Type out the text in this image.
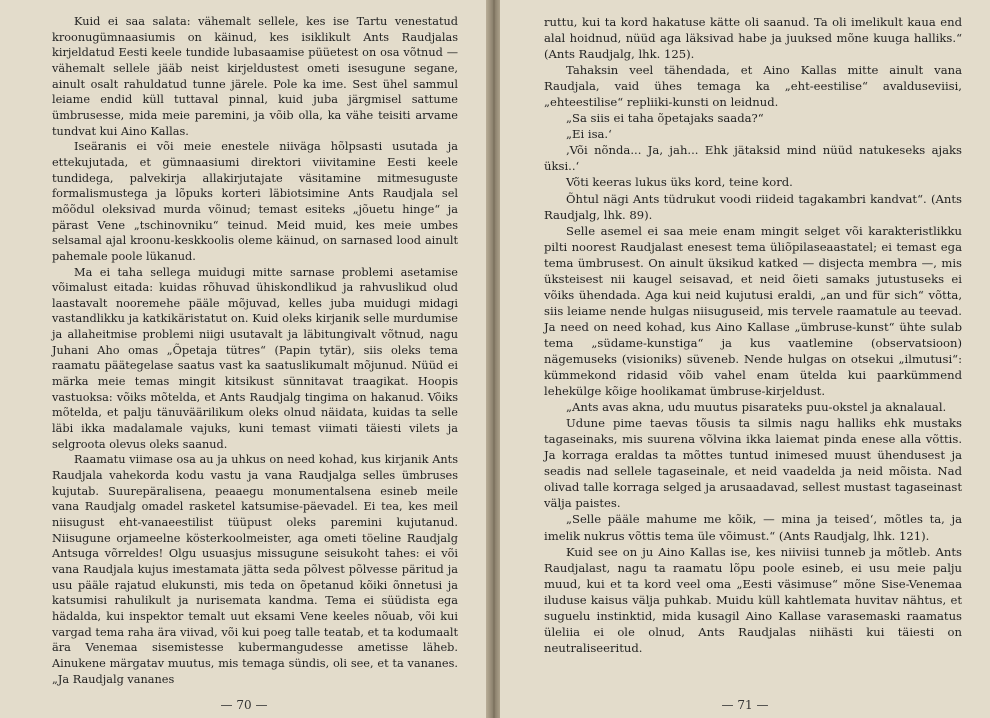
Kuid ei saa salata: vähemalt sellele, kes ise Tartu venestatud kroonugümnaasiumis on käinud, kes isiklikult Ants Raudjalas kirjeldatud Eesti keele tundide lubasaamise püüetest on osa võtnud — vähemalt sellele jääb neist kirjeldustest ometi isesugune segane, ainult osalt rahuldatud tunne järele. Pole ka ime. Sest ühel sammul leiame endid küll tuttaval pinnal, kuid juba järgmisel sattume ümbrusesse, mida meie paremini, ja võib olla, ka vähe teisiti arvame tundvat kui Aino Kallas.

Iseäranis ei või meie enestele niiväga hõlpsasti usutada ja ettekujutada, et gümnaasiumi direktori viivitamine Eesti keele tundidega, palvekirja allakirjutajate väsitamine mitmesuguste formalismustega ja lõpuks korteri läbiotsimine Ants Raudjala sel mõõdul oleksivad murda võinud; temast esiteks „jõuetu hinge“ ja pärast Vene „tschinovniku“ teinud. Meid muid, kes meie umbes selsamal ajal kroonu-keskkoolis oleme käinud, on sarnased lood ainult pahemale poole lükanud.

Ma ei taha sellega muidugi mitte sarnase problemi asetamise võimalust eitada: kuidas rõhuvad ühiskondlikud ja rahvuslikud olud laastavalt nooremehe pääle mõjuvad, kelles juba muidugi midagi vastandlikku ja katkikäristatut on. Kuid oleks kirjanik selle murdumise ja allaheitmise problemi niigi usutavalt ja läbitungivalt võtnud, nagu Juhani Aho omas „Õpetaja tütres“ (Papin tytär), siis oleks tema raamatu päätegelase saatus vast ka saatuslikumalt mõjunud. Nüüd ei märka meie temas mingit kitsikust sünnitavat traagikat. Hoopis vastuoksa: võiks mõtelda, et Ants Raudjalg tingima on hakanud. Võiks mõtelda, et palju tänuväärilikum oleks olnud näidata, kuidas ta selle läbi ikka madalamale vajuks, kuni temast viimati täiesti vilets ja selgroota olevus oleks saanud.

Raamatu viimase osa au ja uhkus on need kohad, kus kirjanik Ants Raudjala vahekorda kodu vastu ja vana Raudjalga selles ümbruses kujutab. Suurepäralisena, peaaegu monumentalsena esineb meile vana Raudjalg omadel rasketel katsumise-päevadel. Ei tea, kes meil niisugust eht-vanaeestilist tüüpust oleks paremini kujutanud. Niisugune orjameelne kösterkoolmeister, aga ometi töeline Raudjalg Antsuga võrreldes! Olgu usuasjus missugune seisukoht tahes: ei või vana Raudjala kujus imestamata jätta seda põlvest põlvesse päritud ja usu pääle rajatud elukunsti, mis teda on õpetanud kõiki õnnetusi ja katsumisi rahulikult ja nurisemata kandma. Tema ei süüdista ega hädalda, kui inspektor temalt uut eksami Vene keeles nõuab, või kui vargad tema raha ära viivad, või kui poeg talle teatab, et ta kodumaalt ära Venemaa sisemistesse kubermangudesse ametisse läheb. Ainukene märgatav muutus, mis temaga sündis, oli see, et ta vananes. „Ja Raudjalg vananes

— 70 —

ruttu, kui ta kord hakatuse kätte oli saanud. Ta oli imelikult kaua end alal hoidnud, nüüd aga läksivad habe ja juuksed mõne kuuga halliks.“ (Ants Raudjalg, lhk. 125).

Tahaksin veel tähendada, et Aino Kallas mitte ainult vana Raudjala, vaid ühes temaga ka „eht-eestilise“ avalduseviisi, „ehteestilise“ repliiki-kunsti on leidnud.

„Sa siis ei taha õpetajaks saada?“

„Ei isa.‘

‚Või nõnda... Ja, jah... Ehk jätaksid mind nüüd natukeseks ajaks üksi..‘

Võti keeras lukus üks kord, teine kord.

Õhtul nägi Ants tüdrukut voodi riideid tagakambri kandvat“. (Ants Raudjalg, lhk. 89).

Selle asemel ei saa meie enam mingit selget või karakteristlikku pilti noorest Raudjalast enesest tema üliõpilaseaastatel; ei temast ega tema ümbrusest. On ainult üksikud katked — disjecta membra —, mis üksteisest nii kaugel seisavad, et neid õieti samaks jutustuseks ei võiks ühendada. Aga kui neid kujutusi eraldi, „an und für sich“ võtta, siis leiame nende hulgas niisuguseid, mis tervele raamatule au teevad. Ja need on need kohad, kus Aino Kallase „ümbruse-kunst“ ühte sulab tema „südame-kunstiga“ ja kus vaatlemine (observatsioon) nägemuseks (visioniks) süveneb. Nende hulgas on otsekui „ilmutusi“: kümmekond ridasid võib vahel enam ütelda kui paarkümmend lehekülge kõige hoolikamat ümbruse-kirjeldust.

„Ants avas akna, udu muutus pisarateks puu-okstel ja aknalaual.

Udune pime taevas tõusis ta silmis nagu halliks ehk mustaks tagaseinaks, mis suurena võlvina ikka laiemat pinda enese alla võttis. Ja korraga eraldas ta mõttes tuntud inimesed muust ühendusest ja seadis nad sellele tagaseinale, et neid vaadelda ja neid mõista. Nad olivad talle korraga selged ja arusaadavad, sellest mustast tagaseinast välja paistes.

„Selle pääle mahume me kõik, — mina ja teised‘, mõtles ta, ja imelik nukrus võttis tema üle võimust.“ (Ants Raudjalg, lhk. 121).

Kuid see on ju Aino Kallas ise, kes niiviisi tunneb ja mõtleb. Ants Raudjalast, nagu ta raamatu lõpu poole esineb, ei usu meie palju muud, kui et ta kord veel oma „Eesti väsimuse“ mõne Sise-Venemaa iluduse kaisus välja puhkab. Muidu küll kahtlemata huvitav nähtus, et suguelu instinktid, mida kusagil Aino Kallase varasemaski raamatus üleliia ei ole olnud, Ants Raudjalas niihästi kui täiesti on neutraliseeritud.

— 71 —
